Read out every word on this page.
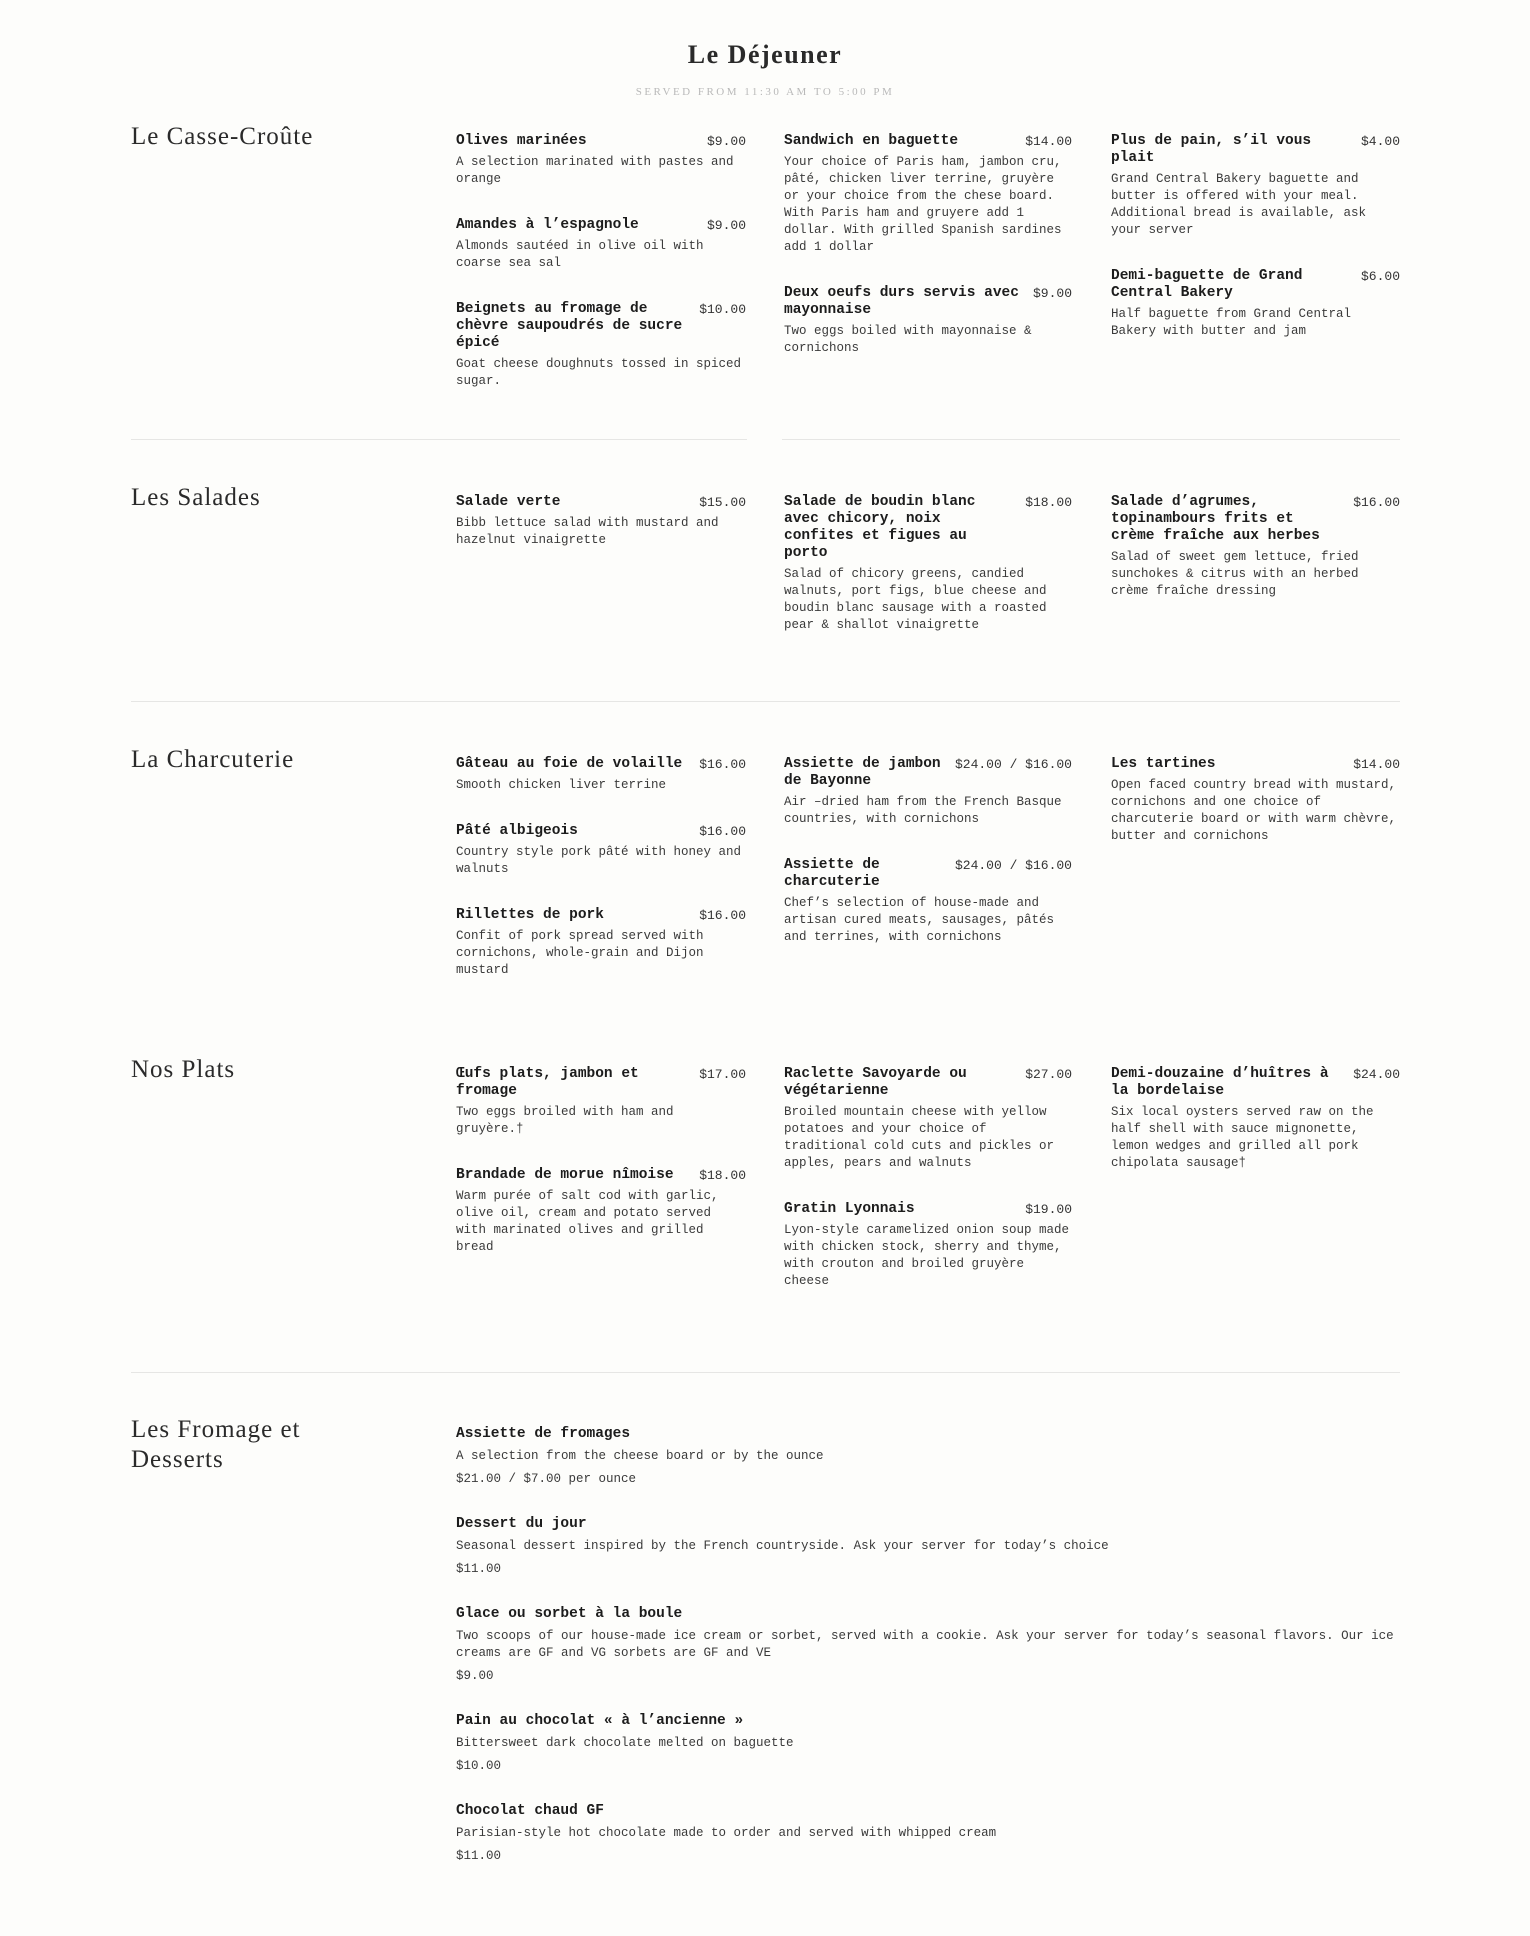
Le Déjeuner
SERVED FROM 11:30 AM TO 5:00 PM
Le Casse-Croûte	Olives marinées	$9.00
A selection marinated with pastes and orange
Amandes à l’espagnole	$9.00
Almonds sautéed in olive oil with coarse sea sal
Beignets au fromage de chèvre saupoudrés de sucre épicé
$10.00
Goat cheese doughnuts tossed in spiced sugar.
Sandwich en baguette	$14.00
Your choice of Paris ham, jambon cru, pâté, chicken liver terrine, gruyère or your choice from the chese board. With Paris ham and gruyere add 1 dollar. With grilled Spanish sardines add 1 dollar
Deux oeufs durs servis avec mayonnaise
$9.00
Two eggs boiled with mayonnaise & cornichons
Plus de pain, s’il vous plait
$4.00
Grand Central Bakery baguette and butter is offered with your meal. Additional bread is available, ask your server
Demi-baguette de Grand Central Bakery
$6.00
Half baguette from Grand Central Bakery with butter and jam
Les Salades	Salade verte	$15.00
Bibb lettuce salad with mustard and hazelnut vinaigrette
Salade de boudin blanc avec chicory, noix confites et figues au porto
$18.00
Salad of chicory greens, candied walnuts, port figs, blue cheese and boudin blanc sausage with a roasted pear & shallot vinaigrette
Salade d’agrumes, topinambours frits et crème fraîche aux herbes
$16.00
Salad of sweet gem lettuce, fried sunchokes & citrus with an herbed crème fraîche dressing
La Charcuterie	Gâteau au foie de volaille	$16.00
Smooth chicken liver terrine
Pâté albigeois	$16.00
Country style pork pâté with honey and walnuts
Rillettes de pork	$16.00
Confit of pork spread served with cornichons, whole-grain and Dijon mustard
Assiette de jambon de Bayonne
$24.00 / $16.00
Air –dried ham from the French Basque countries, with cornichons
Assiette de charcuterie
$24.00 / $16.00
Chef’s selection of house-made and artisan cured meats, sausages, pâtés and terrines, with cornichons
Les tartines	$14.00
Open faced country bread with mustard, cornichons and one choice of charcuterie board or with warm chèvre, butter and cornichons
Nos Plats	Œufs plats, jambon et fromage
$17.00
Two eggs broiled with ham and gruyère.†
Brandade de morue nîmoise	$18.00
Warm purée of salt cod with garlic, olive oil, cream and potato served with marinated olives and grilled bread
Raclette Savoyarde ou végétarienne
$27.00
Broiled mountain cheese with yellow potatoes and your choice of traditional cold cuts and pickles or apples, pears and walnuts
Gratin Lyonnais	$19.00
Lyon-style caramelized onion soup made with chicken stock, sherry and thyme, with crouton and broiled gruyère cheese
Demi-douzaine d’huîtres à la bordelaise
$24.00
Six local oysters served raw on the half shell with sauce mignonette, lemon wedges and grilled all pork chipolata sausage†
Les Fromage et Desserts
Assiette de fromages
A selection from the cheese board or by the ounce
$21.00 / $7.00 per ounce
Dessert du jour
Seasonal dessert inspired by the French countryside. Ask your server for today’s choice
$11.00
Glace ou sorbet à la boule
Two scoops of our house-made ice cream or sorbet, served with a cookie. Ask your server for today’s seasonal flavors. Our ice creams are GF and VG sorbets are GF and VE
$9.00
Pain au chocolat « à l’ancienne »
Bittersweet dark chocolate melted on baguette
$10.00
Chocolat chaud GF
Parisian-style hot chocolate made to order and served with whipped cream
$11.00
